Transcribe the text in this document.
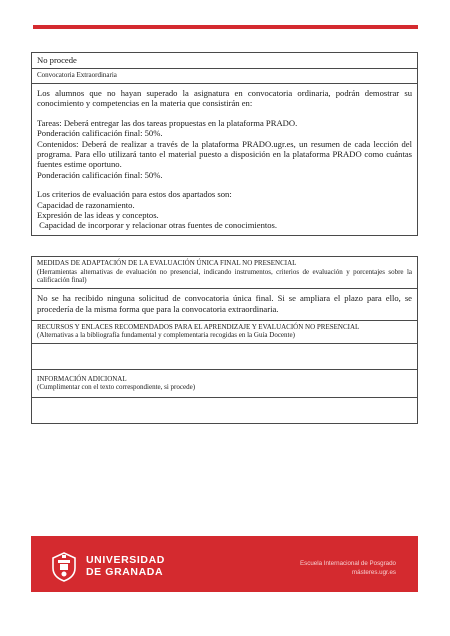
No procede
Convocatoria Extraordinaria

Los alumnos que no hayan superado la asignatura en convocatoria ordinaria, podrán demostrar su conocimiento y competencias en la materia que consistirán en:

Tareas: Deberá entregar las dos tareas propuestas en la plataforma PRADO.

Ponderación calificación final: 50%.

Contenidos: Deberá de realizar a través de la plataforma PRADO.ugr.es, un resumen de cada lección del programa. Para ello utilizará tanto el material puesto a disposición en la plataforma PRADO como cuántas fuentes estime oportuno.

Ponderación calificación final: 50%.

Los criterios de evaluación para estos dos apartados son:

Capacidad de razonamiento.

Expresión de las ideas y conceptos.

Capacidad de incorporar y relacionar otras fuentes de conocimientos.

MEDIDAS DE ADAPTACIÓN DE LA EVALUACIÓN ÚNICA FINAL NO PRESENCIAL

(Herramientas alternativas de evaluación no presencial, indicando instrumentos, criterios de evaluación y porcentajes sobre la calificación final)

No se ha recibido ninguna solicitud de convocatoria única final. Si se ampliara el plazo para ello, se procedería de la misma forma que para la convocatoria extraordinaria.

RECURSOS Y ENLACES RECOMENDADOS PARA EL APRENDIZAJE Y EVALUACIÓN NO PRESENCIAL

(Alternativas a la bibliografía fundamental y complementaria recogidas en la Guía Docente)

INFORMACIÓN ADICIONAL

(Cumplimentar con el texto correspondiente, si procede)

UNIVERSIDAD
DE GRANADA
Escuela Internacional de Posgrado
másteres.ugr.es
